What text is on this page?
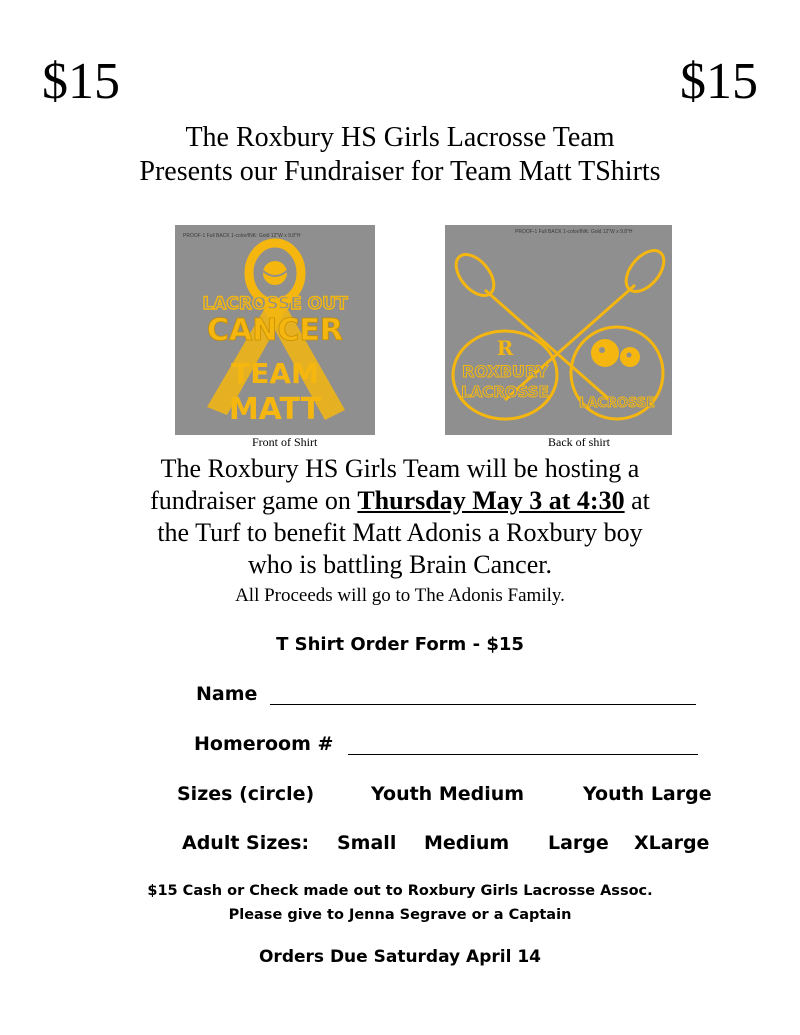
$15	$15
The Roxbury HS Girls Lacrosse Team
Presents our Fundraiser for Team Matt TShirts
PROOF-1 Full BACK 1-color/INK: Gold 12"W x 9.8"H
LACROSSE OUT
CANCER
TEAM
MATT
Front of Shirt
PROOF-1 Full BACK 1-color/INK: Gold 12"W x 9.8"H
R
ROXBURY
LACROSSE
LACROSSE
Back of shirt
The Roxbury HS Girls Team will be hosting a
fundraiser game on Thursday May 3 at 4:30 at
the Turf to benefit Matt Adonis a Roxbury boy
who is battling Brain Cancer.
All Proceeds will go to The Adonis Family.
T Shirt Order Form - $15
Name
Homeroom #
Sizes (circle)	Youth Medium	Youth Large
Adult Sizes: Small Medium Large XLarge
$15 Cash or Check made out to Roxbury Girls Lacrosse Assoc.
Please give to Jenna Segrave or a Captain
Orders Due Saturday April 14
